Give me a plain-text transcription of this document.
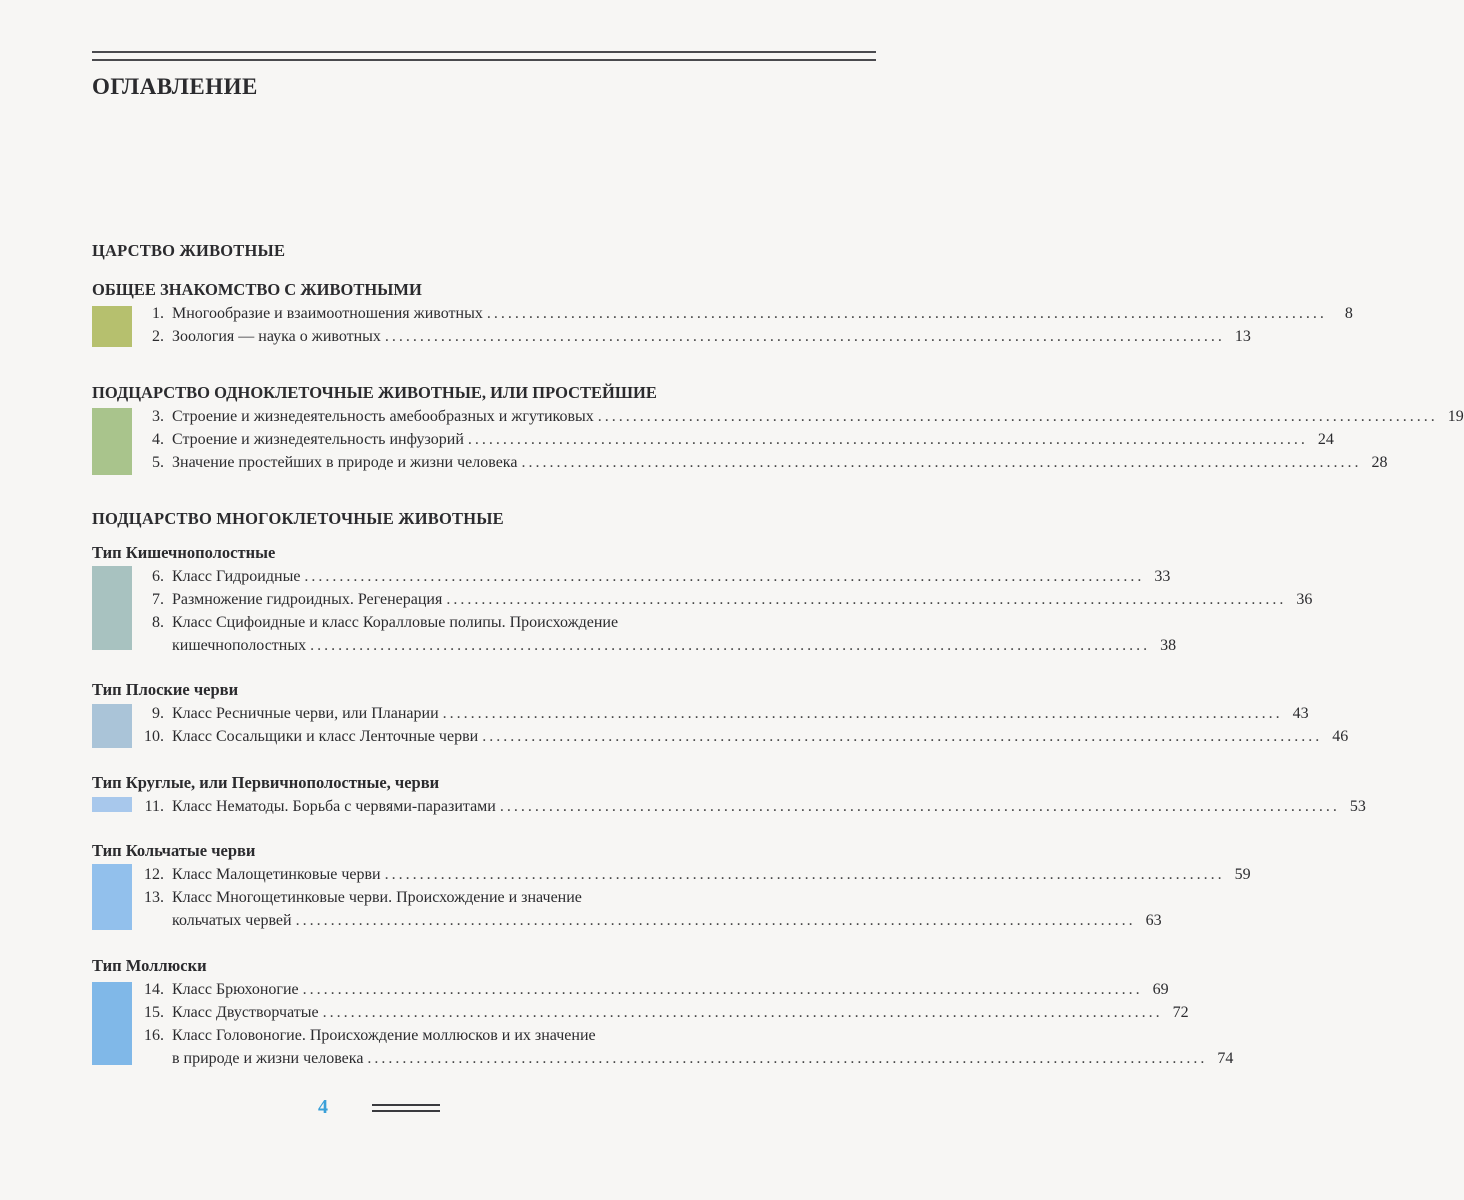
ОГЛАВЛЕНИЕ
ЦАРСТВО ЖИВОТНЫЕ
ПОДЦАРСТВО МНОГОКЛЕТОЧНЫЕ ЖИВОТНЫЕ
ОБЩЕЕ ЗНАКОМСТВО С ЖИВОТНЫМИ
1. Многообразие и взаимоотношения животных ........................................................................................................................	8
2. Зоология — наука о животных ........................................................................................................................ 13
ПОДЦАРСТВО ОДНОКЛЕТОЧНЫЕ ЖИВОТНЫЕ, ИЛИ ПРОСТЕЙШИЕ
3. Строение и жизнедеятельность амебообразных и жгутиковых ........................................................................................................................ 19
4. Строение и жизнедеятельность инфузорий ........................................................................................................................ 24
5. Значение простейших в природе и жизни человека ........................................................................................................................ 28
Тип Кишечнополостные
6. Класс Гидроидные ........................................................................................................................ 33
7. Размножение гидроидных. Регенерация ........................................................................................................................ 36
8. Класс Сцифоидные и класс Коралловые полипы. Происхождение
кишечнополостных ........................................................................................................................ 38
Тип Плоские черви
9. Класс Ресничные черви, или Планарии ........................................................................................................................ 43
10. Класс Сосальщики и класс Ленточные черви ........................................................................................................................ 46
Тип Круглые, или Первичнополостные, черви
11. Класс Нематоды. Борьба с червями-паразитами ........................................................................................................................ 53
Тип Кольчатые черви
12. Класс Малощетинковые черви ........................................................................................................................ 59
13. Класс Многощетинковые черви. Происхождение и значение
кольчатых червей ........................................................................................................................ 63
Тип Моллюски
14. Класс Брюхоногие ........................................................................................................................ 69
15. Класс Двустворчатые ........................................................................................................................ 72
16. Класс Головоногие. Происхождение моллюсков и их значение
в природе и жизни человека ........................................................................................................................ 74
4
